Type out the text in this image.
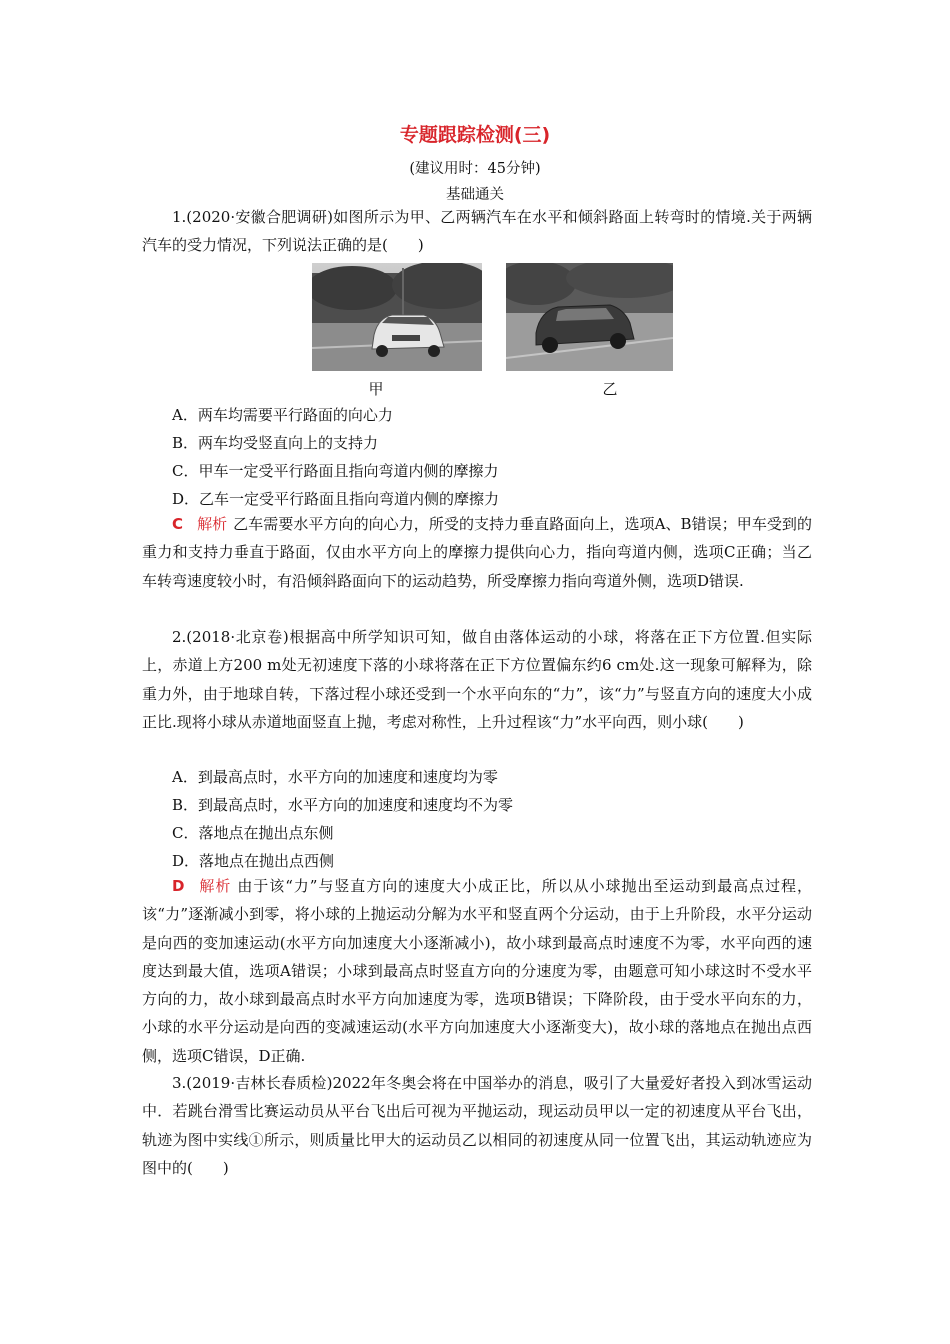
专题跟踪检测(三)
(建议用时：45分钟)
基础通关

1.(2020·安徽合肥调研)如图所示为甲、乙两辆汽车在水平和倾斜路面上转弯时的情境.关于两辆汽车的受力情况，下列说法正确的是(　　)

甲	乙
A．两车均需要平行路面的向心力
B．两车均受竖直向上的支持力
C．甲车一定受平行路面且指向弯道内侧的摩擦力
D．乙车一定受平行路面且指向弯道内侧的摩擦力

C 解析 乙车需要水平方向的向心力，所受的支持力垂直路面向上，选项A、B错误；甲车受到的重力和支持力垂直于路面，仅由水平方向上的摩擦力提供向心力，指向弯道内侧，选项C正确；当乙车转弯速度较小时，有沿倾斜路面向下的运动趋势，所受摩擦力指向弯道外侧，选项D错误.

2.(2018·北京卷)根据高中所学知识可知，做自由落体运动的小球，将落在正下方位置.但实际上，赤道上方200 m处无初速度下落的小球将落在正下方位置偏东约6 cm处.这一现象可解释为，除重力外，由于地球自转，下落过程小球还受到一个水平向东的“力”，该“力”与竖直方向的速度大小成正比.现将小球从赤道地面竖直上抛，考虑对称性，上升过程该“力”水平向西，则小球(　　)

A．到最高点时，水平方向的加速度和速度均为零
B．到最高点时，水平方向的加速度和速度均不为零
C．落地点在抛出点东侧
D．落地点在抛出点西侧

D 解析 由于该“力”与竖直方向的速度大小成正比，所以从小球抛出至运动到最高点过程，该“力”逐渐减小到零，将小球的上抛运动分解为水平和竖直两个分运动，由于上升阶段，水平分运动是向西的变加速运动(水平方向加速度大小逐渐减小)，故小球到最高点时速度不为零，水平向西的速度达到最大值，选项A错误；小球到最高点时竖直方向的分速度为零，由题意可知小球这时不受水平方向的力，故小球到最高点时水平方向加速度为零，选项B错误；下降阶段，由于受水平向东的力，小球的水平分运动是向西的变减速运动(水平方向加速度大小逐渐变大)，故小球的落地点在抛出点西侧，选项C错误，D正确.

3.(2019·吉林长春质检)2022年冬奥会将在中国举办的消息，吸引了大量爱好者投入到冰雪运动中．若跳台滑雪比赛运动员从平台飞出后可视为平抛运动，现运动员甲以一定的初速度从平台飞出，轨迹为图中实线①所示，则质量比甲大的运动员乙以相同的初速度从同一位置飞出，其运动轨迹应为图中的(　　)
